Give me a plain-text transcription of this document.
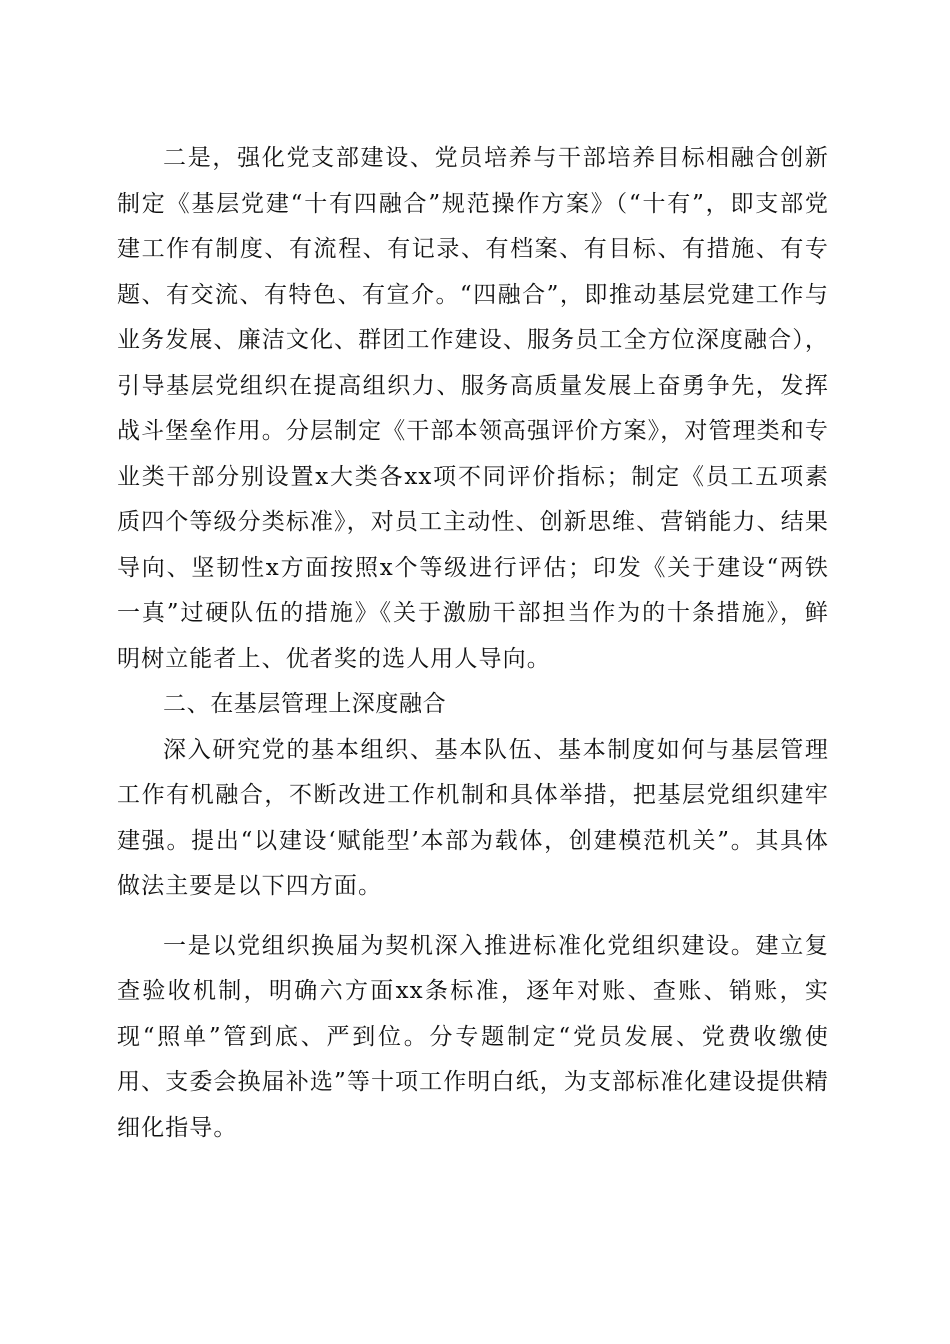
二是，强化党支部建设、党员培养与干部培养目标相融合创新制定《基层党建“十有四融合”规范操作方案》（“十有”，即支部党建工作有制度、有流程、有记录、有档案、有目标、有措施、有专题、有交流、有特色、有宣介。“四融合”，即推动基层党建工作与业务发展、廉洁文化、群团工作建设、服务员工全方位深度融合），引导基层党组织在提高组织力、服务高质量发展上奋勇争先，发挥战斗堡垒作用。分层制定《干部本领高强评价方案》，对管理类和专业类干部分别设置x大类各xx项不同评价指标；制定《员工五项素质四个等级分类标准》，对员工主动性、创新思维、营销能力、结果导向、坚韧性x方面按照x个等级进行评估；印发《关于建设“两铁一真”过硬队伍的措施》《关于激励干部担当作为的十条措施》，鲜明树立能者上、优者奖的选人用人导向。

二、在基层管理上深度融合

深入研究党的基本组织、基本队伍、基本制度如何与基层管理工作有机融合，不断改进工作机制和具体举措，把基层党组织建牢建强。提出“以建设‘赋能型’本部为载体，创建模范机关”。其具体做法主要是以下四方面。

一是以党组织换届为契机深入推进标准化党组织建设。建立复查验收机制，明确六方面xx条标准，逐年对账、查账、销账，实现“照单”管到底、严到位。分专题制定“党员发展、党费收缴使用、支委会换届补选”等十项工作明白纸，为支部标准化建设提供精细化指导。
